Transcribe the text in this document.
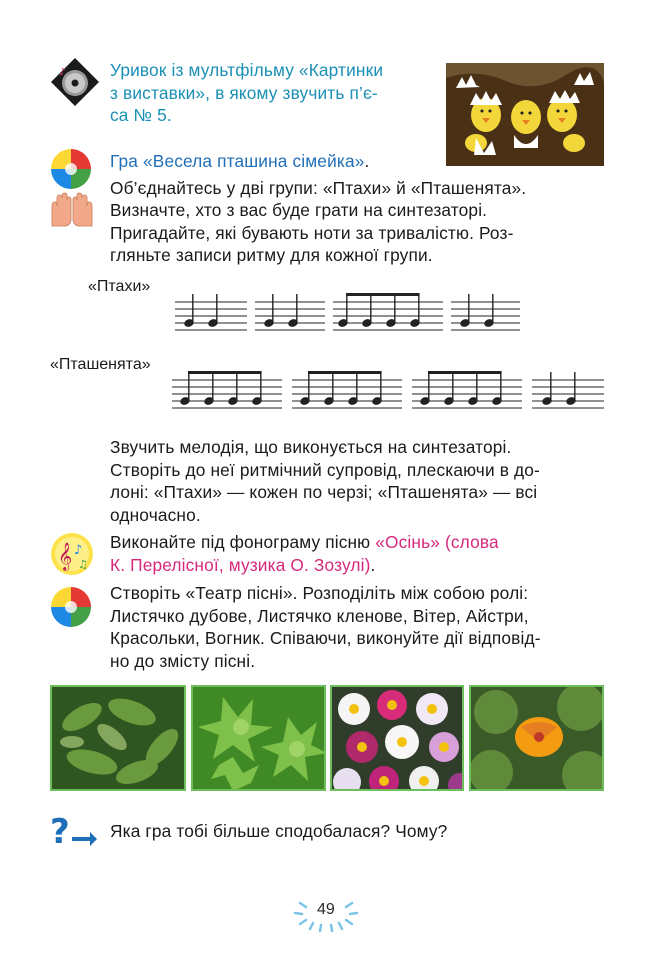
♪	Уривок із мультфільму «Картинки
з виставки», в якому звучить п’є-
са № 5.
Гра «Весела пташина сімейка».
Об’єднайтесь у дві групи: «Птахи» й «Пташенята».
Визначте, хто з вас буде грати на синтезаторі.
Пригадайте, які бувають ноти за тривалістю. Роз-
гляньте записи ритму для кожної групи.
«Птахи»
«Пташенята»
Звучить мелодія, що виконується на синтезаторі.
Створіть до неї ритмічний супровід, плескаючи в до-
лоні: «Птахи» — кожен по черзі; «Пташенята» — всі
одночасно.
𝄞 ♪
♫
Виконайте під фонограму пісню «Осінь» (слова
К. Перелісної, музика О. Зозулі).
Створіть «Театр пісні». Розподіліть між собою ролі:
Листячко дубове, Листячко кленове, Вітер, Айстри,
Красольки, Вогник. Співаючи, виконуйте дії відповід-
но до змісту пісні.
? Яка гра тобі більше сподобалася? Чому?
49
